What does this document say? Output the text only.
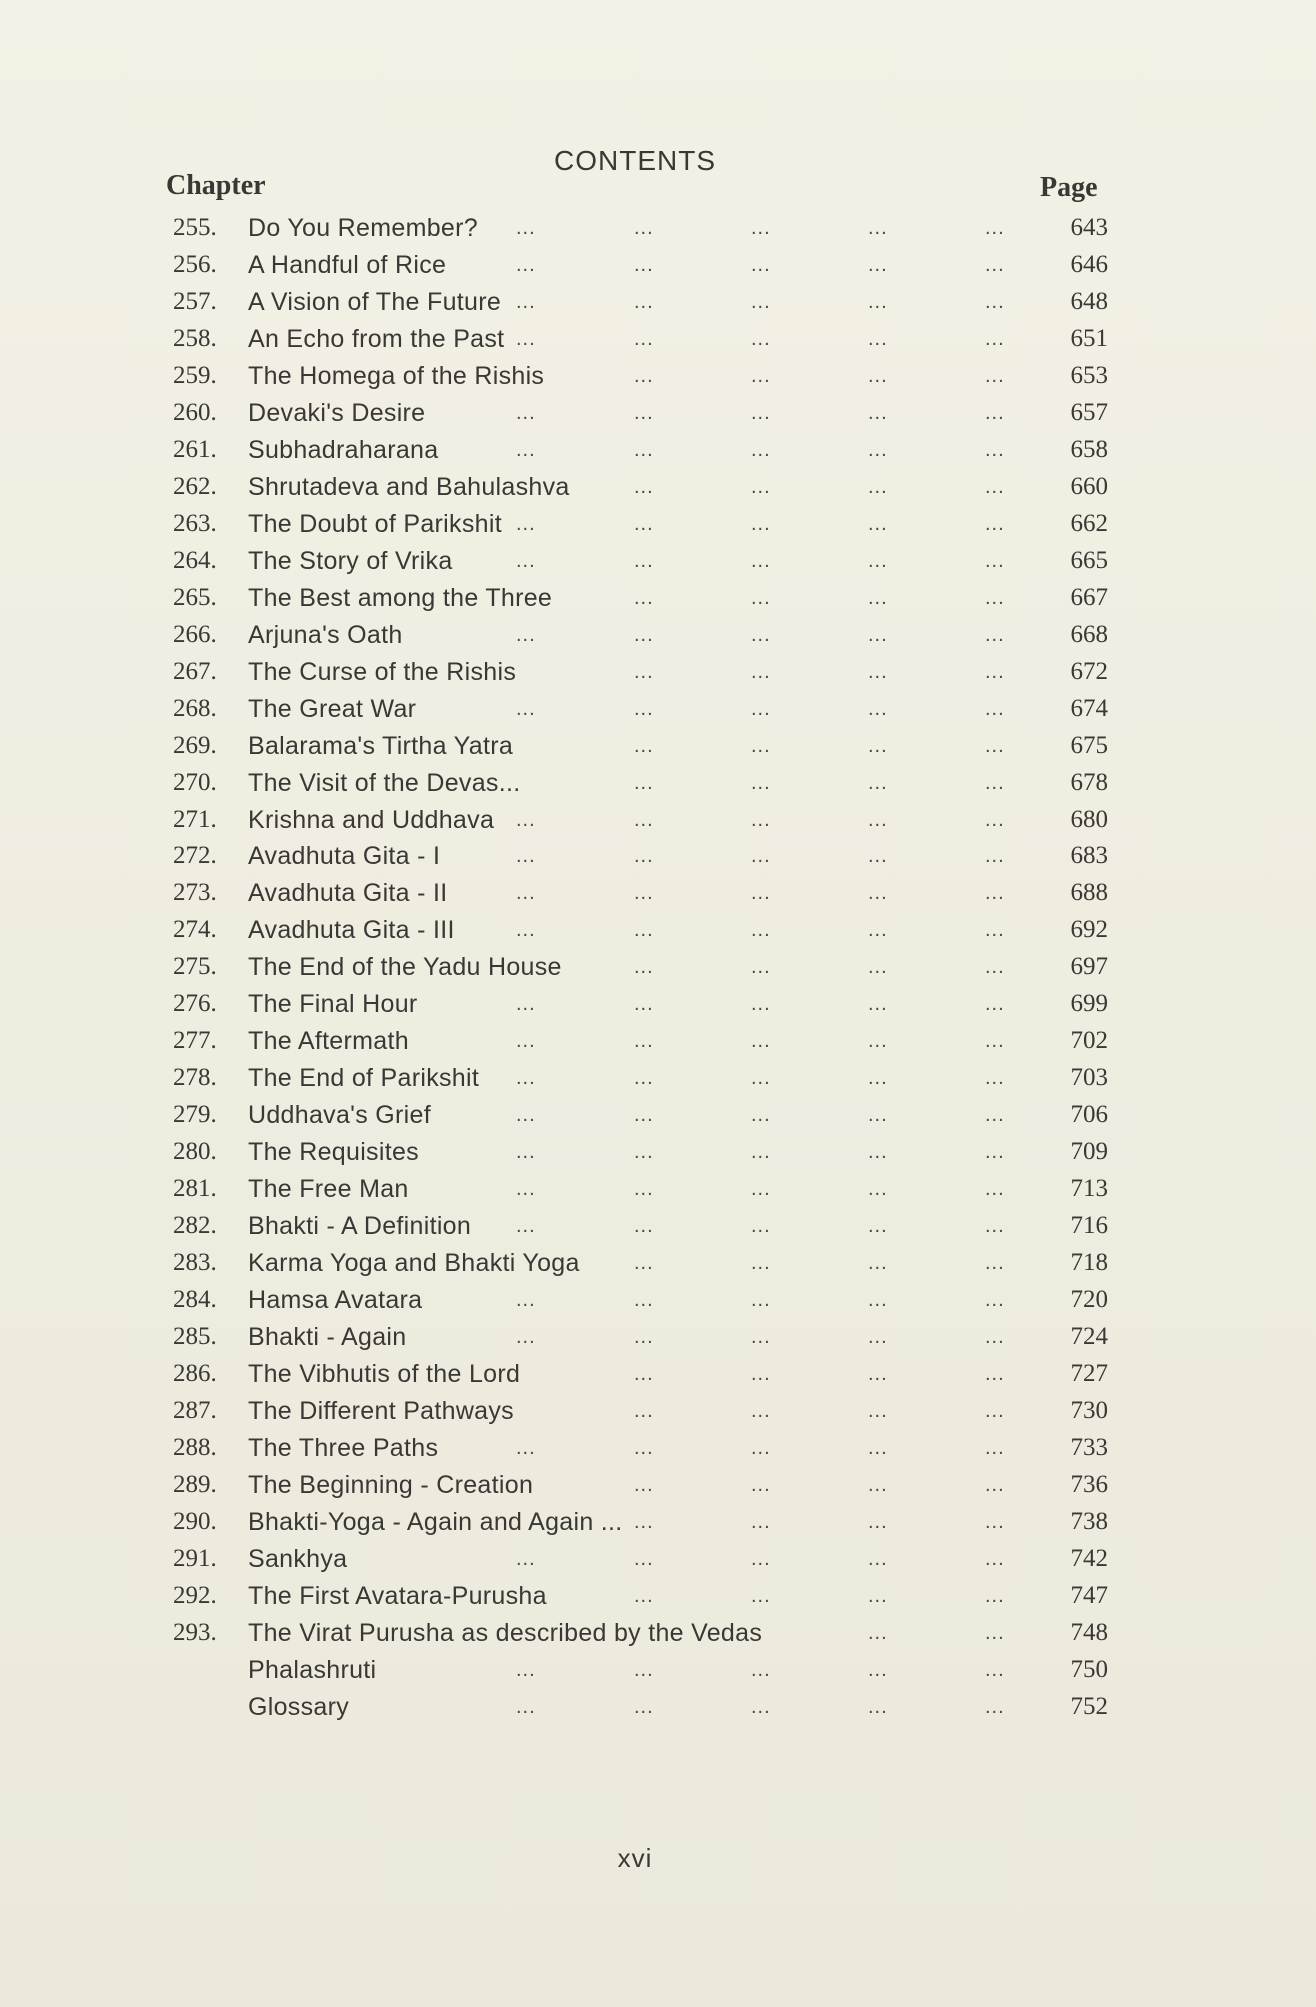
CONTENTS
Chapter	Page
255.	Do You Remember?	643
...	...	...	...	...
256.	A Handful of Rice	646
...	...	...	...	...
257.	A Vision of The Future	648
...	...	...	...	...
258.	An Echo from the Past	651
...	...	...	...	...
259.	The Homega of the Rishis	653
...	...	...	...
260.	Devaki's Desire	657
...	...	...	...	...
261.	Subhadraharana	658
...	...	...	...	...
262.	Shrutadeva and Bahulashva	660
...	...	...	...
263.	The Doubt of Parikshit	662
...	...	...	...	...
264.	The Story of Vrika	665
...	...	...	...	...
265.	The Best among the Three	667
...	...	...	...
266.	Arjuna's Oath	668
...	...	...	...	...
267.	The Curse of the Rishis	672
...	...	...	...
268.	The Great War	674
...	...	...	...	...
269.	Balarama's Tirtha Yatra	675
...	...	...	...
270.	The Visit of the Devas...	678
...	...	...	...
271.	Krishna and Uddhava	680
...	...	...	...	...
272.	Avadhuta Gita - I	683
...	...	...	...	...
273.	Avadhuta Gita - II	688
...	...	...	...	...
274.	Avadhuta Gita - III	692
...	...	...	...	...
275.	The End of the Yadu House	697
...	...	...	...
276.	The Final Hour	699
...	...	...	...	...
277.	The Aftermath	702
...	...	...	...	...
278.	The End of Parikshit	703
...	...	...	...	...
279.	Uddhava's Grief	706
...	...	...	...	...
280.	The Requisites	709
...	...	...	...	...
281.	The Free Man	713
...	...	...	...	...
282.	Bhakti - A Definition	716
...	...	...	...	...
283.	Karma Yoga and Bhakti Yoga	718
...	...	...	...
284.	Hamsa Avatara	720
...	...	...	...	...
285.	Bhakti - Again	724
...	...	...	...	...
286.	The Vibhutis of the Lord	727
...	...	...	...
287.	The Different Pathways	730
...	...	...	...
288.	The Three Paths	733
...	...	...	...	...
289.	The Beginning - Creation	736
...	...	...	...
290.	Bhakti-Yoga - Again and Again ...	738
...	...	...	...
291.	Sankhya	742
...	...	...	...	...
292.	The First Avatara-Purusha	747
...	...	...	...
293.	The Virat Purusha as described by the Vedas	748
...	...
Phalashruti	750
...	...	...	...	...
Glossary	752
...	...	...	...	...
xvi
